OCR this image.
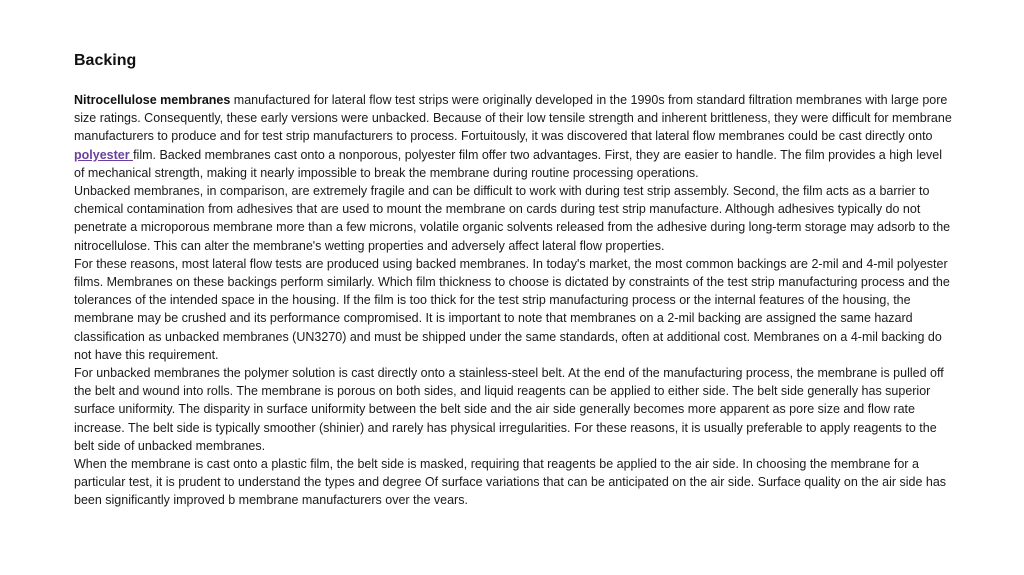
Backing

Nitrocellulose membranes manufactured for lateral flow test strips were originally developed in the 1990s from standard filtration membranes with large pore size ratings. Consequently, these early versions were unbacked. Because of their low tensile strength and inherent brittleness, they were difficult for membrane manufacturers to produce and for test strip manufacturers to process. Fortuitously, it was discovered that lateral flow membranes could be cast directly onto polyester film. Backed membranes cast onto a nonporous, polyester film offer two advantages. First, they are easier to handle. The film provides a high level of mechanical strength, making it nearly impossible to break the membrane during routine processing operations.

Unbacked membranes, in comparison, are extremely fragile and can be difficult to work with during test strip assembly. Second, the film acts as a barrier to chemical contamination from adhesives that are used to mount the membrane on cards during test strip manufacture. Although adhesives typically do not penetrate a microporous membrane more than a few microns, volatile organic solvents released from the adhesive during long-term storage may adsorb to the nitrocellulose. This can alter the membrane's wetting properties and adversely affect lateral flow properties.

For these reasons, most lateral flow tests are produced using backed membranes. In today's market, the most common backings are 2-mil and 4-mil polyester films. Membranes on these backings perform similarly. Which film thickness to choose is dictated by constraints of the test strip manufacturing process and the tolerances of the intended space in the housing. If the film is too thick for the test strip manufacturing process or the internal features of the housing, the membrane may be crushed and its performance compromised. It is important to note that membranes on a 2-mil backing are assigned the same hazard classification as unbacked membranes (UN3270) and must be shipped under the same standards, often at additional cost. Membranes on a 4-mil backing do not have this requirement.

For unbacked membranes the polymer solution is cast directly onto a stainless-steel belt. At the end of the manufacturing process, the membrane is pulled off the belt and wound into rolls. The membrane is porous on both sides, and liquid reagents can be applied to either side. The belt side generally has superior surface uniformity. The disparity in surface uniformity between the belt side and the air side generally becomes more apparent as pore size and flow rate increase. The belt side is typically smoother (shinier) and rarely has physical irregularities. For these reasons, it is usually preferable to apply reagents to the belt side of unbacked membranes.

When the membrane is cast onto a plastic film, the belt side is masked, requiring that reagents be applied to the air side. In choosing the membrane for a particular test, it is prudent to understand the types and degree Of surface variations that can be anticipated on the air side. Surface quality on the air side has been significantly improved b membrane manufacturers over the vears.
